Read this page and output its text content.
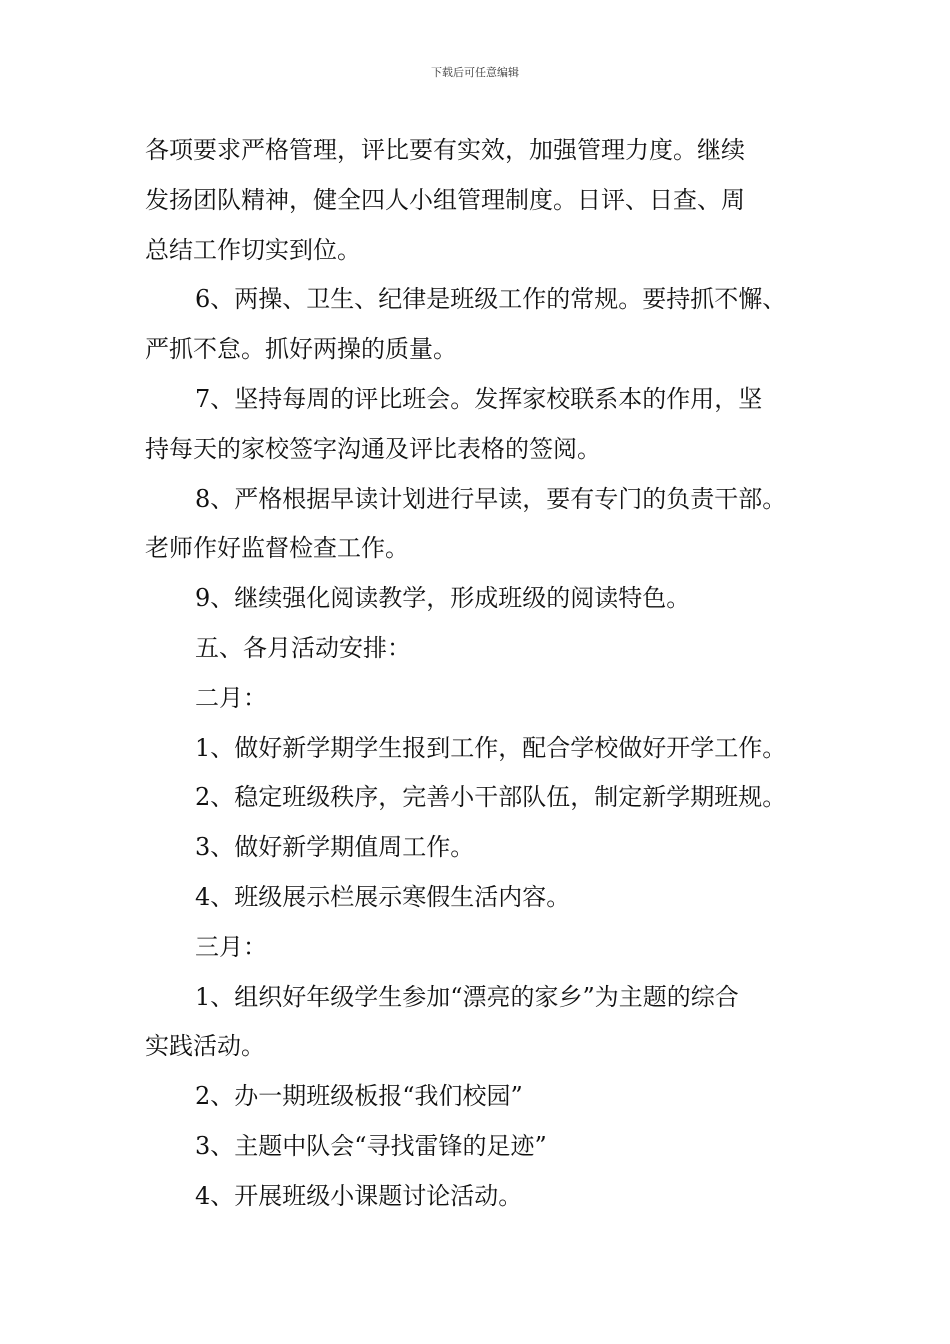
下载后可任意编辑
各项要求严格管理，评比要有实效，加强管理力度。继续
发扬团队精神，健全四人小组管理制度。日评、日查、周
总结工作切实到位。
6、两操、卫生、纪律是班级工作的常规。要持抓不懈、
严抓不怠。抓好两操的质量。
7、坚持每周的评比班会。发挥家校联系本的作用，坚
持每天的家校签字沟通及评比表格的签阅。
8、严格根据早读计划进行早读，要有专门的负责干部。
老师作好监督检查工作。
9、继续强化阅读教学，形成班级的阅读特色。
五、各月活动安排：
二月：
1、做好新学期学生报到工作，配合学校做好开学工作。
2、稳定班级秩序，完善小干部队伍，制定新学期班规。
3、做好新学期值周工作。
4、班级展示栏展示寒假生活内容。
三月：
1、组织好年级学生参加“漂亮的家乡”为主题的综合
实践活动。
2、办一期班级板报“我们校园”
3、主题中队会“寻找雷锋的足迹”
4、开展班级小课题讨论活动。
